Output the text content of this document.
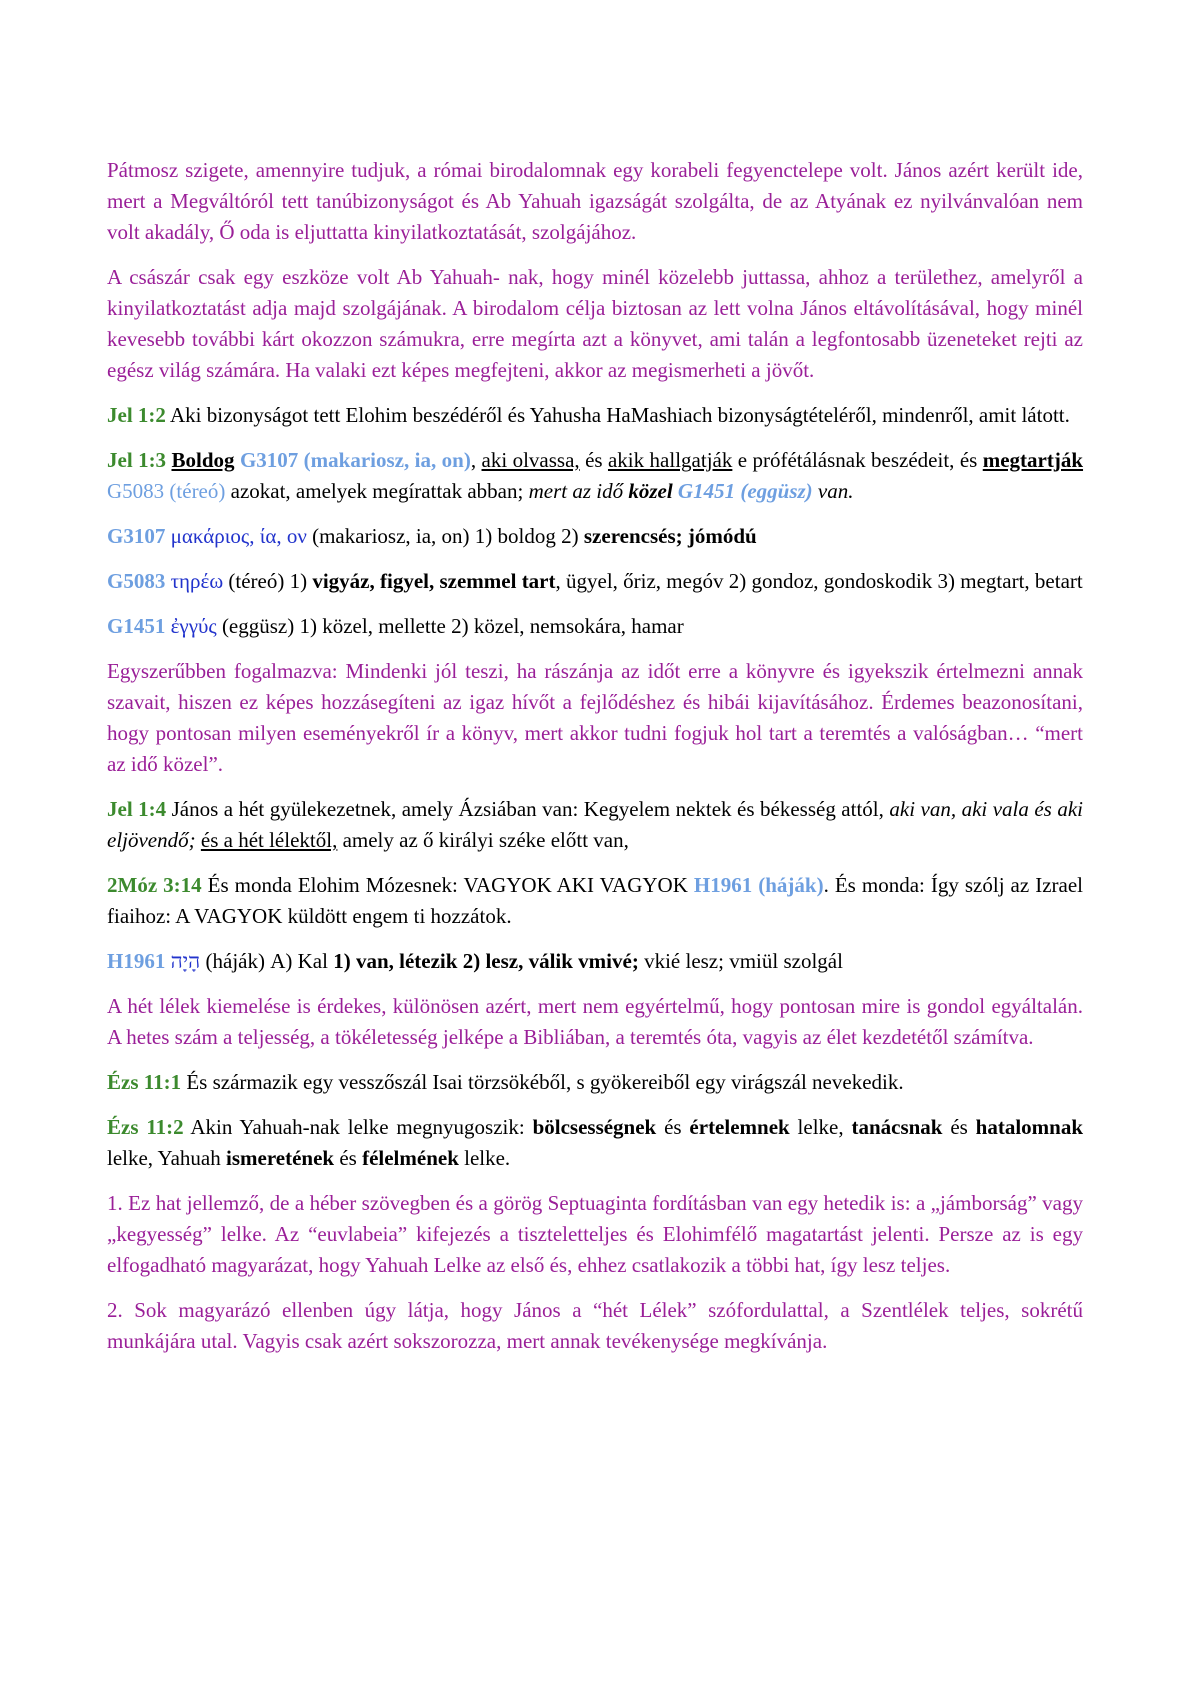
Pátmosz szigete, amennyire tudjuk, a római birodalomnak egy korabeli fegyenctelepe volt. János azért került ide, mert a Megváltóról tett tanúbizonyságot és Ab Yahuah igazságát szolgálta, de az Atyának ez nyilvánvalóan nem volt akadály, Ő oda is eljuttatta kinyilatkoztatását, szolgájához.

A császár csak egy eszköze volt Ab Yahuah- nak, hogy minél közelebb juttassa, ahhoz a területhez, amelyről a kinyilatkoztatást adja majd szolgájának. A birodalom célja biztosan az lett volna János eltávolításával, hogy minél kevesebb további kárt okozzon számukra, erre megírta azt a könyvet, ami talán a legfontosabb üzeneteket rejti az egész világ számára. Ha valaki ezt képes megfejteni, akkor az megismerheti a jövőt.

Jel 1:2 Aki bizonyságot tett Elohim beszédéről és Yahusha HaMashiach bizonyságtételéről, mindenről, amit látott.

Jel 1:3 Boldog G3107 (makariosz, ia, on), aki olvassa, és akik hallgatják e prófétálásnak beszédeit, és megtartják G5083 (téreó) azokat, amelyek megírattak abban; mert az idő közel G1451 (eggüsz) van.

G3107 μακάριος, ία, ον (makariosz, ia, on) 1) boldog 2) szerencsés; jómódú

G5083 τηρέω (téreó) 1) vigyáz, figyel, szemmel tart, ügyel, őriz, megóv 2) gondoz, gondoskodik 3) megtart, betart

G1451 ἐγγύς (eggüsz) 1) közel, mellette 2) közel, nemsokára, hamar

Egyszerűbben fogalmazva: Mindenki jól teszi, ha rászánja az időt erre a könyvre és igyekszik értelmezni annak szavait, hiszen ez képes hozzásegíteni az igaz hívőt a fejlődéshez és hibái kijavításához. Érdemes beazonosítani, hogy pontosan milyen eseményekről ír a könyv, mert akkor tudni fogjuk hol tart a teremtés a valóságban… “mert az idő közel”.

Jel 1:4 János a hét gyülekezetnek, amely Ázsiában van: Kegyelem nektek és békesség attól, aki van, aki vala és aki eljövendő; és a hét lélektől, amely az ő királyi széke előtt van,

2Móz 3:14 És monda Elohim Mózesnek: VAGYOK AKI VAGYOK H1961 (háják). És monda: Így szólj az Izrael fiaihoz: A VAGYOK küldött engem ti hozzátok.

H1961 הָיָה (háják) A) Kal 1) van, létezik 2) lesz, válik vmivé; vkié lesz; vmiül szolgál

A hét lélek kiemelése is érdekes, különösen azért, mert nem egyértelmű, hogy pontosan mire is gondol egyáltalán. A hetes szám a teljesség, a tökéletesség jelképe a Bibliában, a teremtés óta, vagyis az élet kezdetétől számítva.

Ézs 11:1 És származik egy vesszőszál Isai törzsökéből, s gyökereiből egy virágszál nevekedik.

Ézs 11:2 Akin Yahuah-nak lelke megnyugoszik: bölcsességnek és értelemnek lelke, tanácsnak és hatalomnak lelke, Yahuah ismeretének és félelmének lelke.

1. Ez hat jellemző, de a héber szövegben és a görög Septuaginta fordításban van egy hetedik is: a „jámborság” vagy „kegyesség” lelke. Az “euvlabeia” kifejezés a tiszteletteljes és Elohimfélő magatartást jelenti. Persze az is egy elfogadható magyarázat, hogy Yahuah Lelke az első és, ehhez csatlakozik a többi hat, így lesz teljes.

2. Sok magyarázó ellenben úgy látja, hogy János a “hét Lélek” szófordulattal, a Szentlélek teljes, sokrétű munkájára utal. Vagyis csak azért sokszorozza, mert annak tevékenysége megkívánja.
